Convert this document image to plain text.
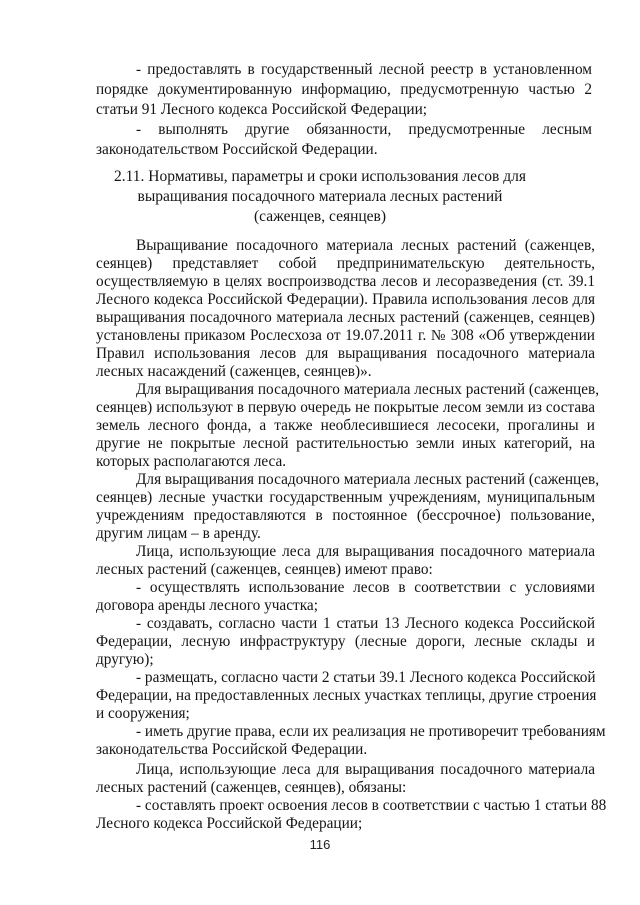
- предоставлять в государственный лесной реестр в установленном
порядке документированную информацию, предусмотренную частью 2
статьи 91 Лесного кодекса Российской Федерации;
- выполнять другие обязанности, предусмотренные лесным
законодательством Российской Федерации.
2.11. Нормативы, параметры и сроки использования лесов для
выращивания посадочного материала лесных растений
(саженцев, сеянцев)
Выращивание посадочного материала лесных растений (саженцев,
сеянцев) представляет собой предпринимательскую деятельность,
осуществляемую в целях воспроизводства лесов и лесоразведения (ст. 39.1
Лесного кодекса Российской Федерации). Правила использования лесов для
выращивания посадочного материала лесных растений (саженцев, сеянцев)
установлены приказом Рослесхоза от 19.07.2011 г. № 308 «Об утверждении
Правил использования лесов для выращивания посадочного материала
лесных насаждений (саженцев, сеянцев)».
Для выращивания посадочного материала лесных растений (саженцев,
сеянцев) используют в первую очередь не покрытые лесом земли из состава
земель лесного фонда, а также необлесившиеся лесосеки, прогалины и
другие не покрытые лесной растительностью земли иных категорий, на
которых располагаются леса.
Для выращивания посадочного материала лесных растений (саженцев,
сеянцев) лесные участки государственным учреждениям, муниципальным
учреждениям предоставляются в постоянное (бессрочное) пользование,
другим лицам – в аренду.
Лица, использующие леса для выращивания посадочного материала
лесных растений (саженцев, сеянцев) имеют право:
- осуществлять использование лесов в соответствии с условиями
договора аренды лесного участка;
- создавать, согласно части 1 статьи 13 Лесного кодекса Российской
Федерации, лесную инфраструктуру (лесные дороги, лесные склады и
другую);
- размещать, согласно части 2 статьи 39.1 Лесного кодекса Российской
Федерации, на предоставленных лесных участках теплицы, другие строения
и сооружения;
- иметь другие права, если их реализация не противоречит требованиям
законодательства Российской Федерации.
Лица, использующие леса для выращивания посадочного материала
лесных растений (саженцев, сеянцев), обязаны:
- составлять проект освоения лесов в соответствии с частью 1 статьи 88
Лесного кодекса Российской Федерации;
116
